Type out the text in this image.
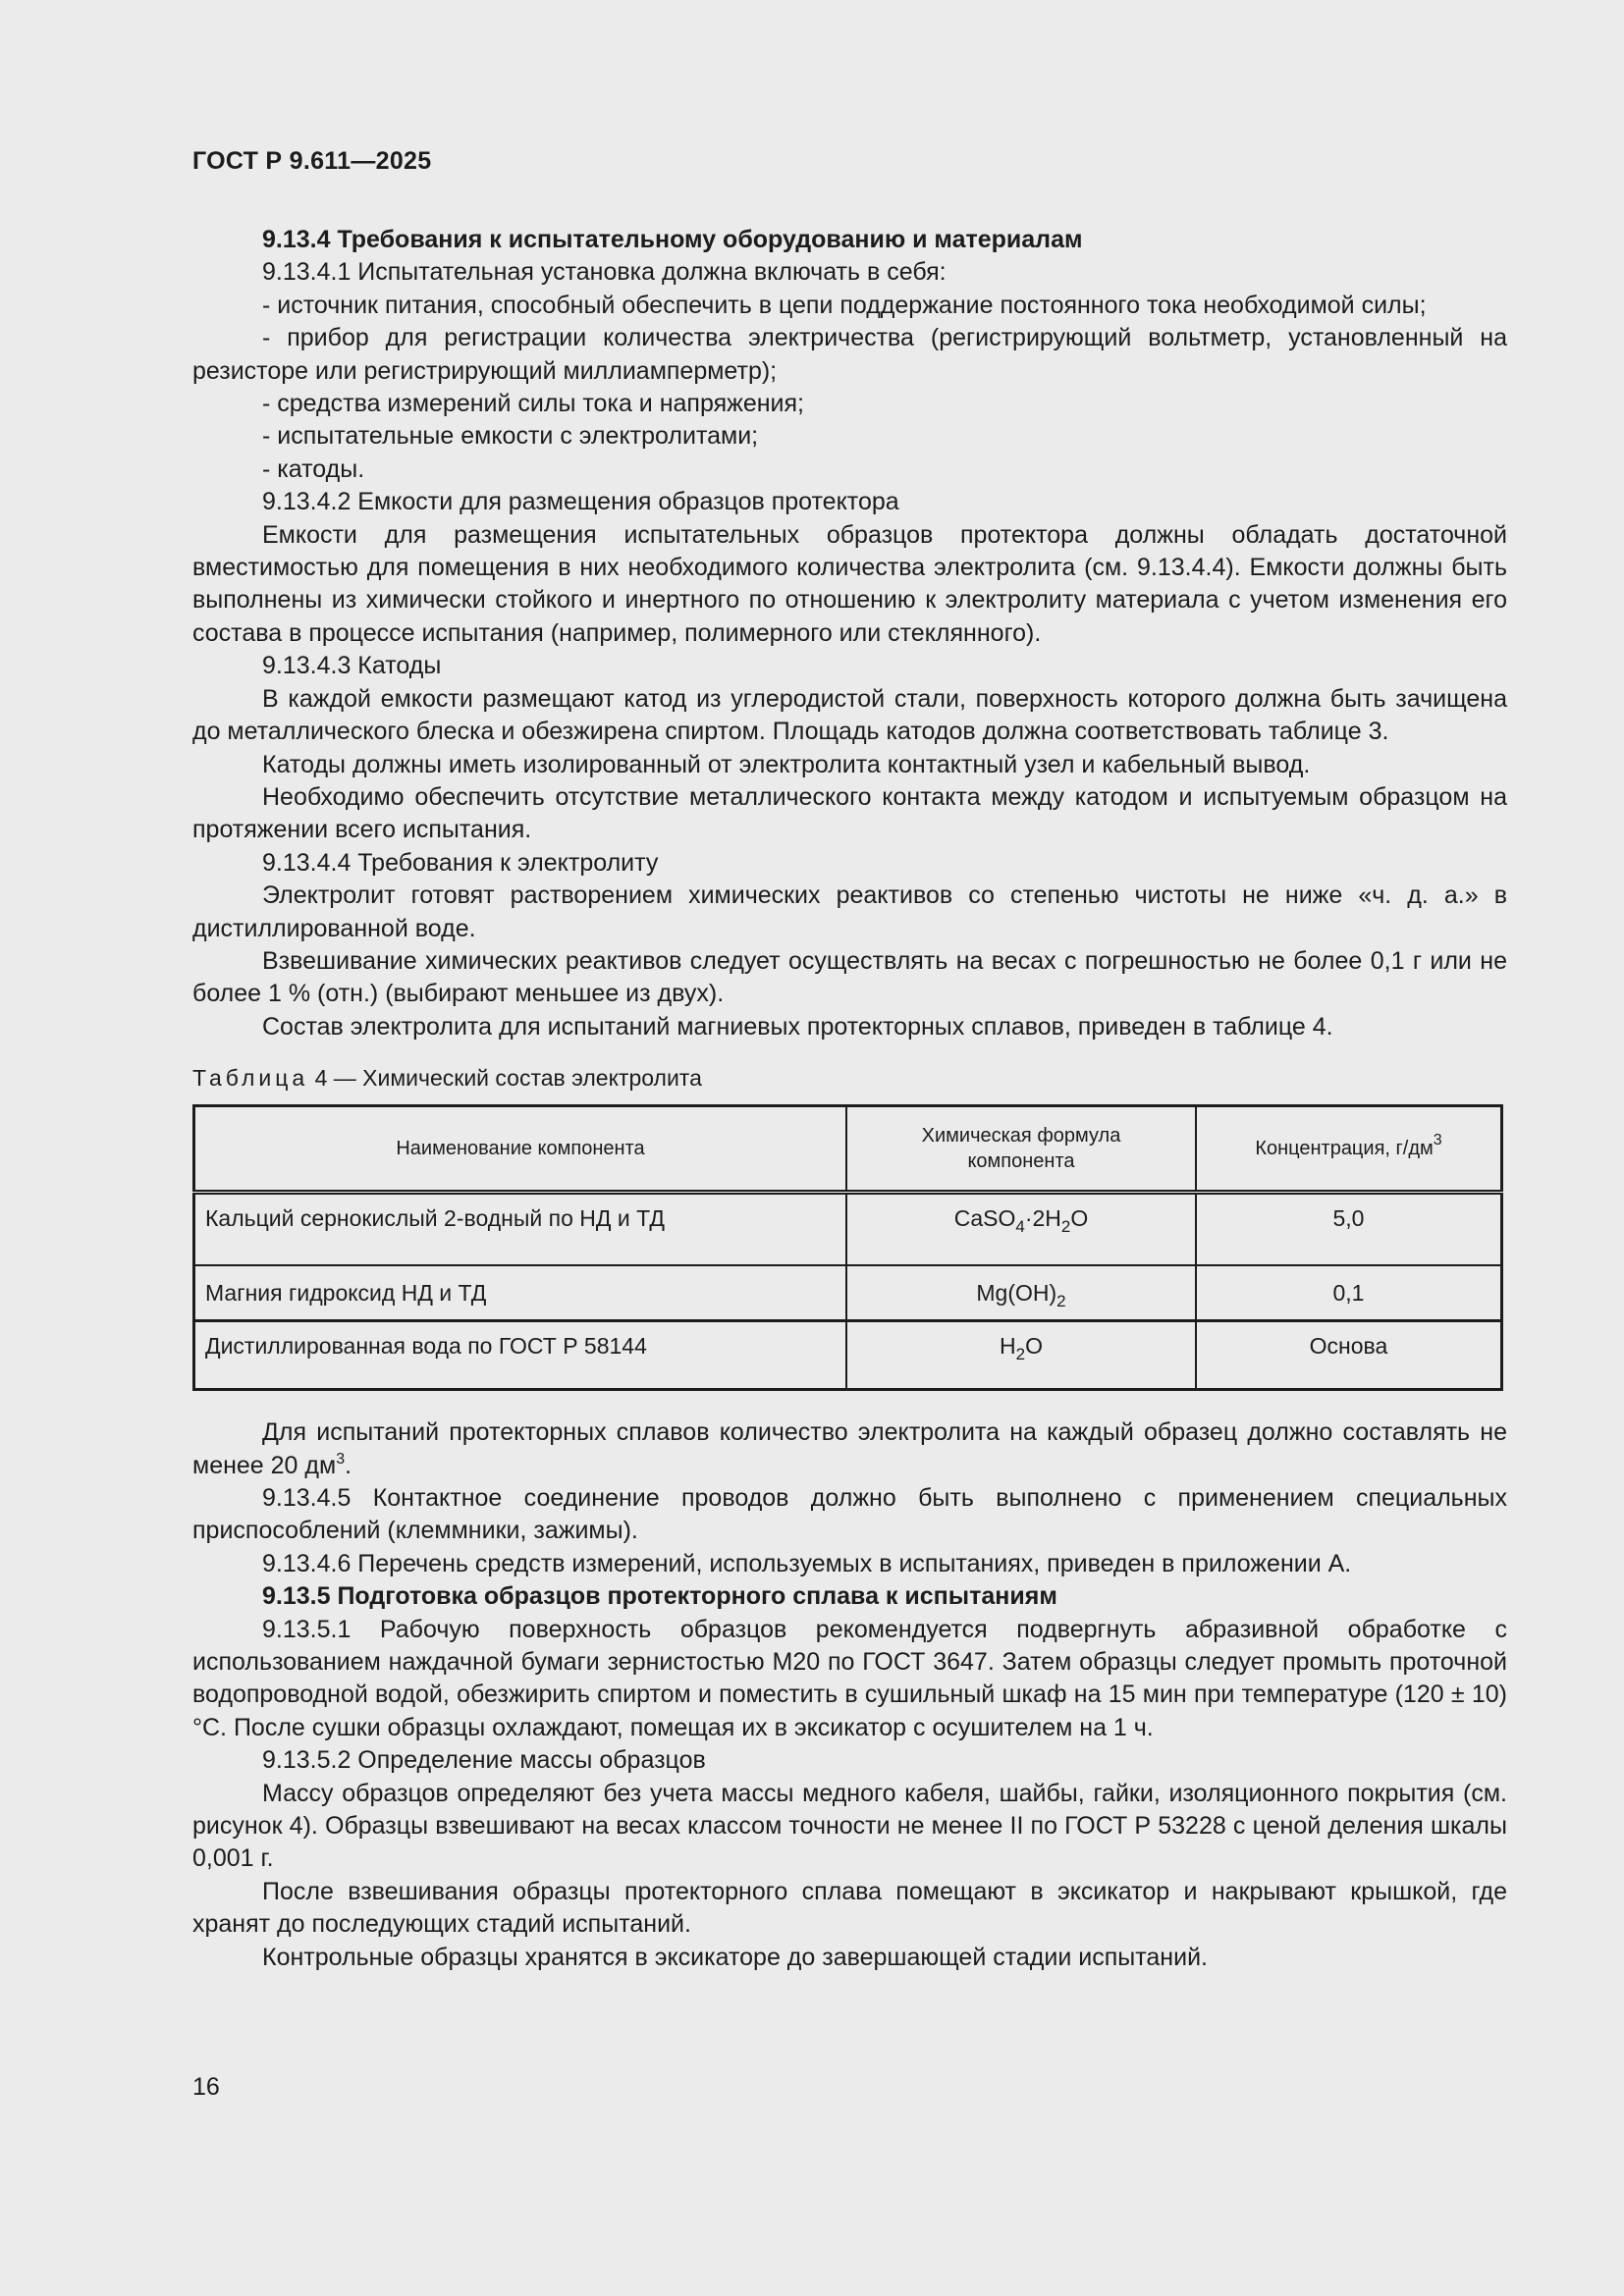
ГОСТ Р 9.611—2025

9.13.4 Требования к испытательному оборудованию и материалам

9.13.4.1 Испытательная установка должна включать в себя:

- источник питания, способный обеспечить в цепи поддержание постоянного тока необходимой силы;

- прибор для регистрации количества электричества (регистрирующий вольтметр, установленный на резисторе или регистрирующий миллиамперметр);

- средства измерений силы тока и напряжения;

- испытательные емкости с электролитами;

- катоды.

9.13.4.2 Емкости для размещения образцов протектора

Емкости для размещения испытательных образцов протектора должны обладать достаточной вместимостью для помещения в них необходимого количества электролита (см. 9.13.4.4). Емкости должны быть выполнены из химически стойкого и инертного по отношению к электролиту материала с учетом изменения его состава в процессе испытания (например, полимерного или стеклянного).

9.13.4.3 Катоды

В каждой емкости размещают катод из углеродистой стали, поверхность которого должна быть зачищена до металлического блеска и обезжирена спиртом. Площадь катодов должна соответствовать таблице 3.

Катоды должны иметь изолированный от электролита контактный узел и кабельный вывод.

Необходимо обеспечить отсутствие металлического контакта между катодом и испытуемым образцом на протяжении всего испытания.

9.13.4.4 Требования к электролиту

Электролит готовят растворением химических реактивов со степенью чистоты не ниже «ч. д. а.» в дистиллированной воде.

Взвешивание химических реактивов следует осуществлять на весах с погрешностью не более 0,1 г или не более 1 % (отн.) (выбирают меньшее из двух).

Состав электролита для испытаний магниевых протекторных сплавов, приведен в таблице 4.

Таблица 4 — Химический состав электролита
Наименование компонента	Химическая формула компонента	Концентрация, $г/дм^3$
Кальций сернокислый 2-водный по НД и ТД	$CaSO_4\cdot 2H_2O$	5,0
Магния гидроксид НД и ТД	$Mg(OH)_2$	0,1
Дистиллированная вода по ГОСТ Р 58144	$H_2O$	Основа

Для испытаний протекторных сплавов количество электролита на каждый образец должно составлять не менее 20 $дм^3$.

9.13.4.5 Контактное соединение проводов должно быть выполнено с применением специальных приспособлений (клеммники, зажимы).

9.13.4.6 Перечень средств измерений, используемых в испытаниях, приведен в приложении А.

9.13.5 Подготовка образцов протекторного сплава к испытаниям

9.13.5.1 Рабочую поверхность образцов рекомендуется подвергнуть абразивной обработке с использованием наждачной бумаги зернистостью М20 по ГОСТ 3647. Затем образцы следует промыть проточной водопроводной водой, обезжирить спиртом и поместить в сушильный шкаф на 15 мин при температуре (120 ± 10) °С. После сушки образцы охлаждают, помещая их в эксикатор с осушителем на 1 ч.

9.13.5.2 Определение массы образцов

Массу образцов определяют без учета массы медного кабеля, шайбы, гайки, изоляционного покрытия (см. рисунок 4). Образцы взвешивают на весах классом точности не менее II по ГОСТ Р 53228 с ценой деления шкалы 0,001 г.

После взвешивания образцы протекторного сплава помещают в эксикатор и накрывают крышкой, где хранят до последующих стадий испытаний.

Контрольные образцы хранятся в эксикаторе до завершающей стадии испытаний.

16
